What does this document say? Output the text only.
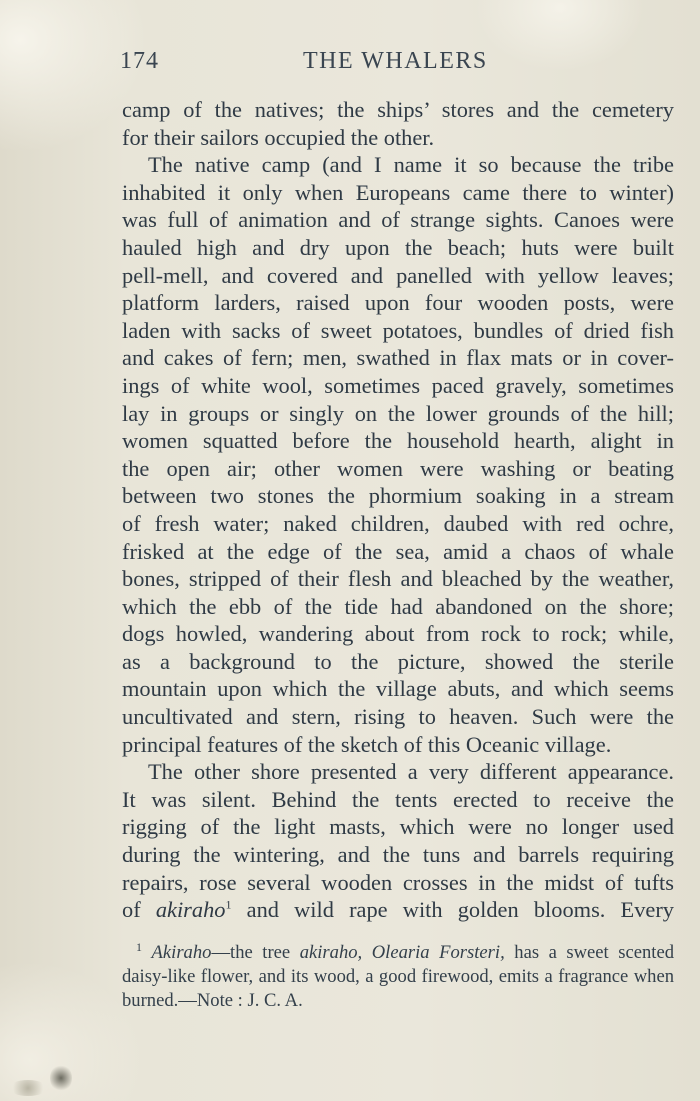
174	THE WHALERS
camp of the natives; the ships’ stores and the cemetery
for their sailors occupied the other.
The native camp (and I name it so because the tribe
inhabited it only when Europeans came there to winter)
was full of animation and of strange sights. Canoes were
hauled high and dry upon the beach; huts were built
pell-mell, and covered and panelled with yellow leaves;
platform larders, raised upon four wooden posts, were
laden with sacks of sweet potatoes, bundles of dried fish
and cakes of fern; men, swathed in flax mats or in cover-
ings of white wool, sometimes paced gravely, sometimes
lay in groups or singly on the lower grounds of the hill;
women squatted before the household hearth, alight in
the open air; other women were washing or beating
between two stones the phormium soaking in a stream
of fresh water; naked children, daubed with red ochre,
frisked at the edge of the sea, amid a chaos of whale
bones, stripped of their flesh and bleached by the weather,
which the ebb of the tide had abandoned on the shore;
dogs howled, wandering about from rock to rock; while,
as a background to the picture, showed the sterile
mountain upon which the village abuts, and which seems
uncultivated and stern, rising to heaven. Such were the
principal features of the sketch of this Oceanic village.
The other shore presented a very different appearance.
It was silent. Behind the tents erected to receive the
rigging of the light masts, which were no longer used
during the wintering, and the tuns and barrels requiring
repairs, rose several wooden crosses in the midst of tufts
of akiraho$^1$ and wild rape with golden blooms. Every
$^1$ Akiraho—the tree akiraho, Olearia Forsteri, has a sweet scented
daisy-like flower, and its wood, a good firewood, emits a fragrance when
burned.—Note : J. C. A.
